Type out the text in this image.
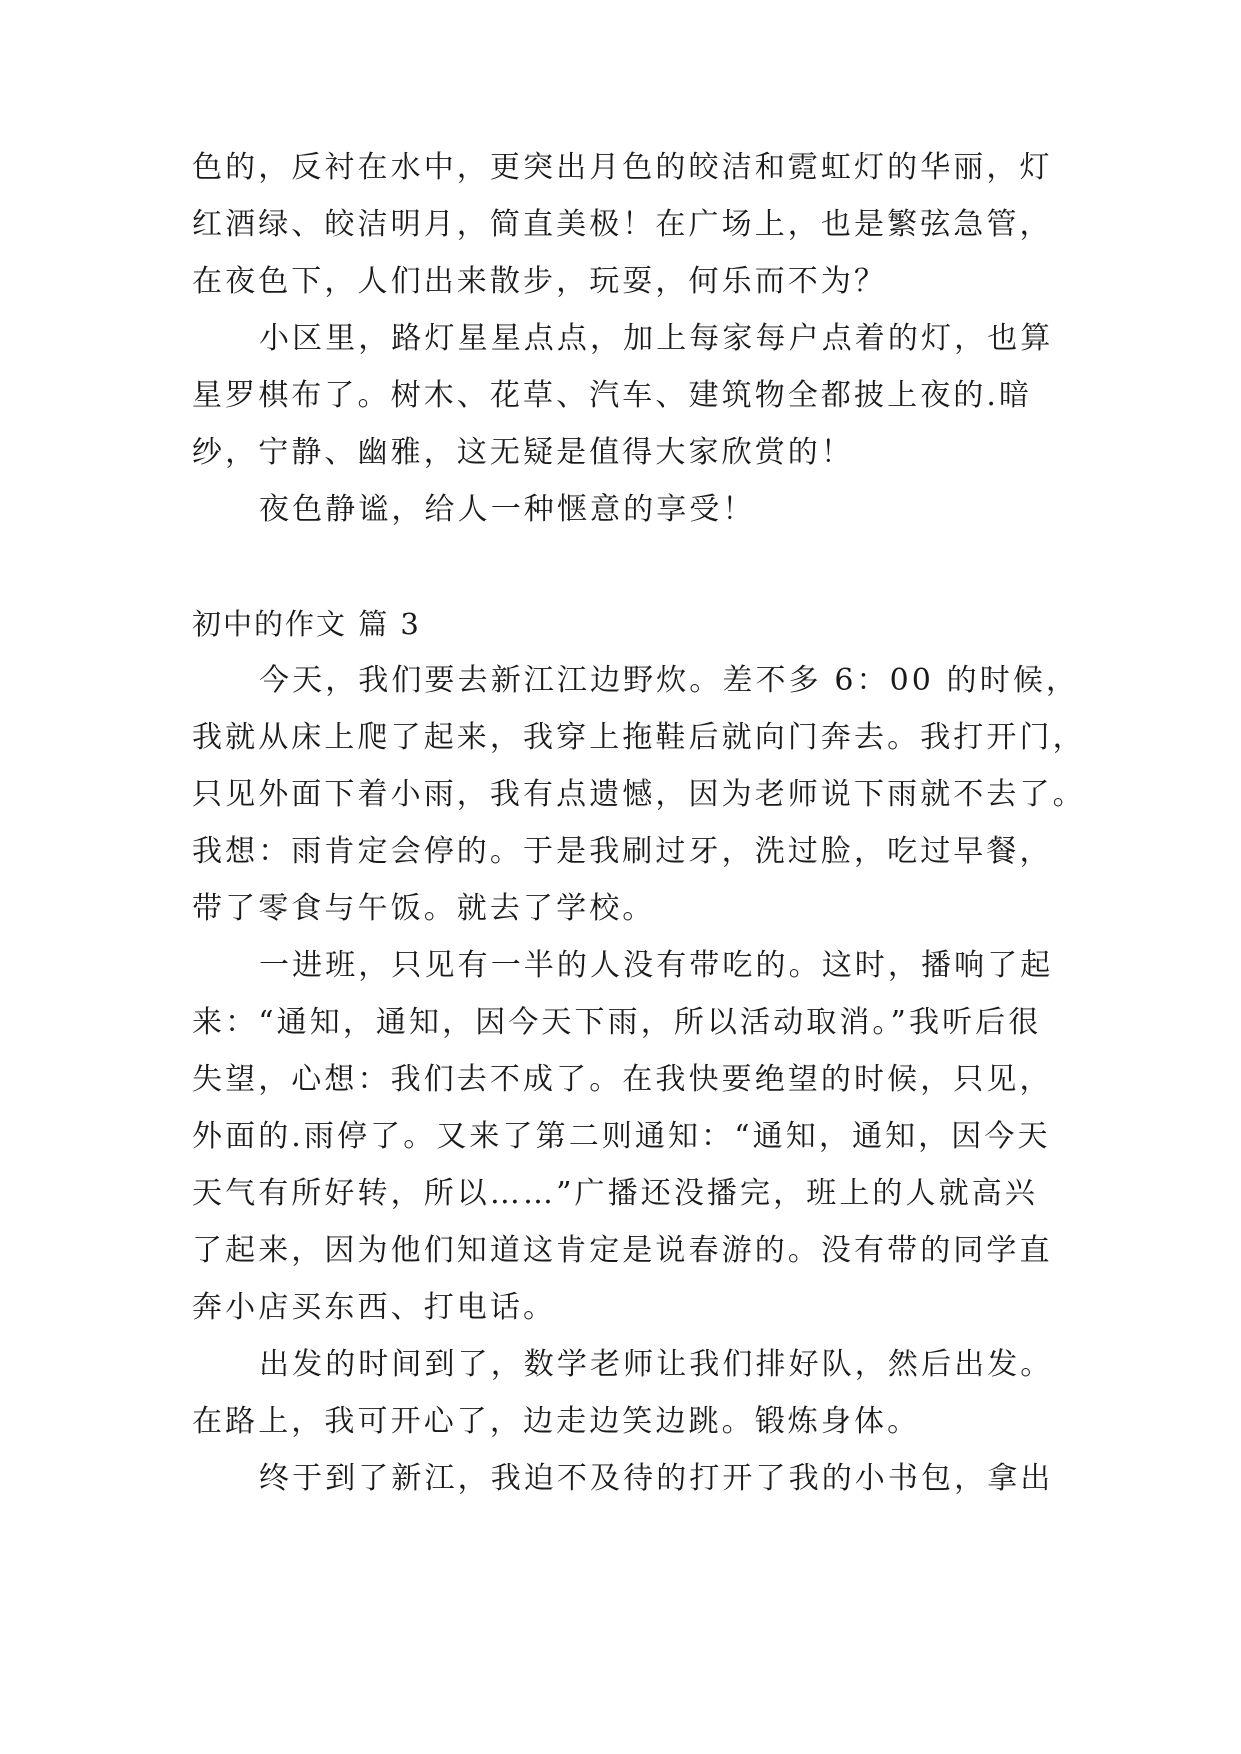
色的，反衬在水中，更突出月色的皎洁和霓虹灯的华丽，灯
红酒绿、皎洁明月，简直美极！在广场上，也是繁弦急管，
在夜色下，人们出来散步，玩耍，何乐而不为？
小区里，路灯星星点点，加上每家每户点着的灯，也算
星罗棋布了。树木、花草、汽车、建筑物全都披上夜的.暗
纱，宁静、幽雅，这无疑是值得大家欣赏的！
夜色静谧，给人一种惬意的享受！
初中的作文 篇 3
今天，我们要去新江江边野炊。差不多 6：00 的时候，
我就从床上爬了起来，我穿上拖鞋后就向门奔去。我打开门，
只见外面下着小雨，我有点遗憾，因为老师说下雨就不去了。
我想：雨肯定会停的。于是我刷过牙，洗过脸，吃过早餐，
带了零食与午饭。就去了学校。
一进班，只见有一半的人没有带吃的。这时，播响了起
来：“通知，通知，因今天下雨，所以活动取消。”我听后很
失望，心想：我们去不成了。在我快要绝望的时候，只见，
外面的.雨停了。又来了第二则通知：“通知，通知，因今天
天气有所好转，所以……”广播还没播完，班上的人就高兴
了起来，因为他们知道这肯定是说春游的。没有带的同学直
奔小店买东西、打电话。
出发的时间到了，数学老师让我们排好队，然后出发。
在路上，我可开心了，边走边笑边跳。锻炼身体。
终于到了新江，我迫不及待的打开了我的小书包，拿出
